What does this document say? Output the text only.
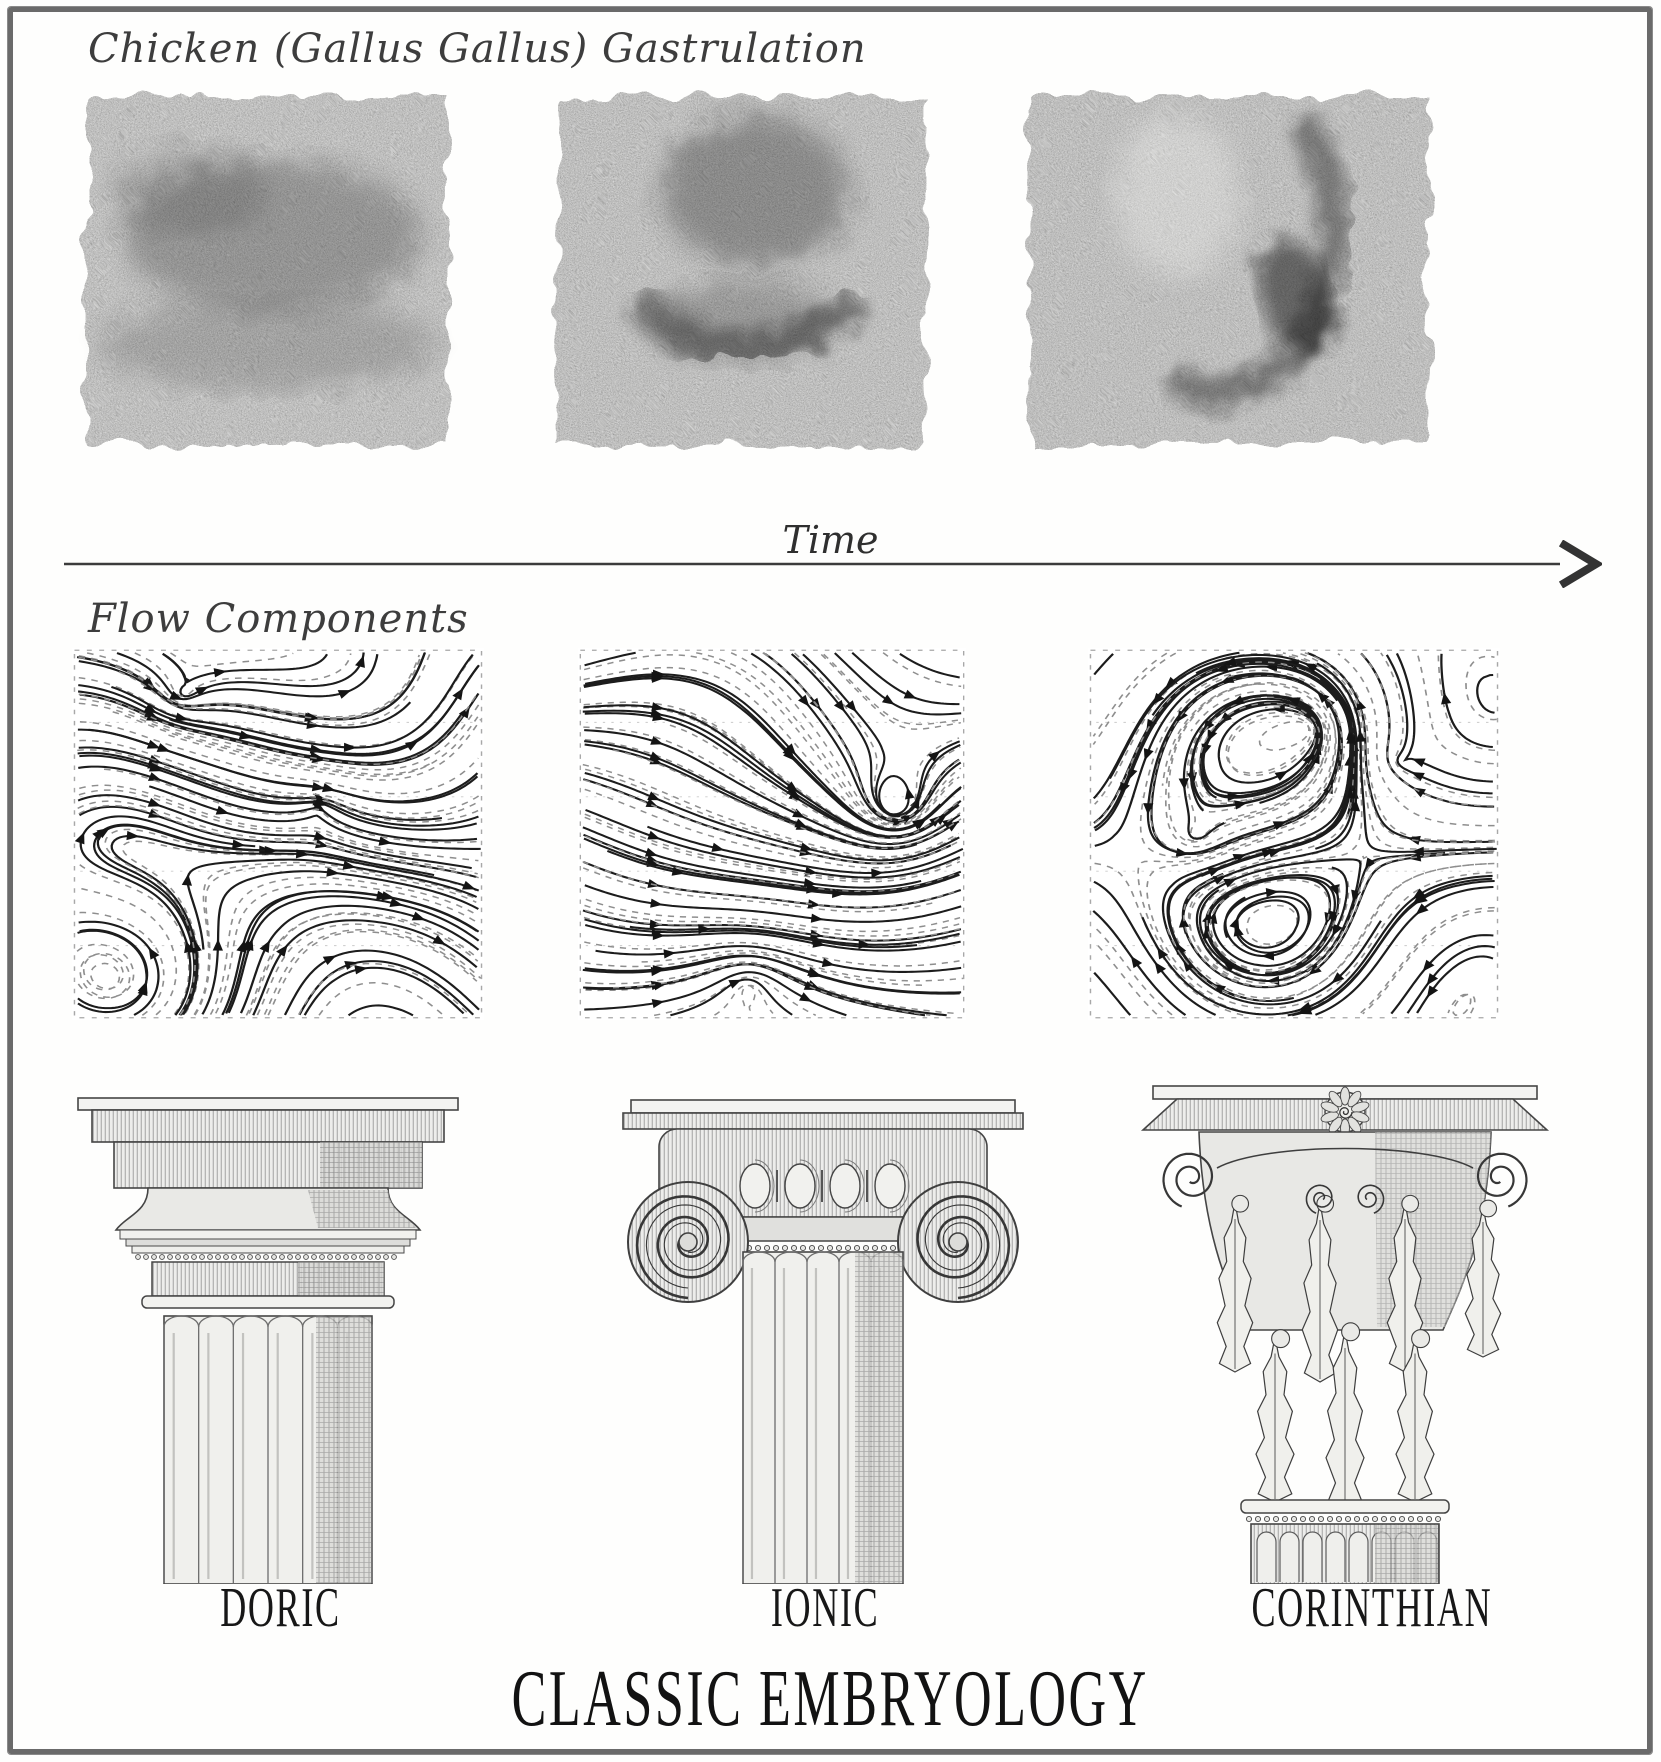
Chicken (Gallus Gallus) Gastrulation
Time
Flow Components
DORIC	IONIC	CORINTHIAN
CLASSIC EMBRYOLOGY
